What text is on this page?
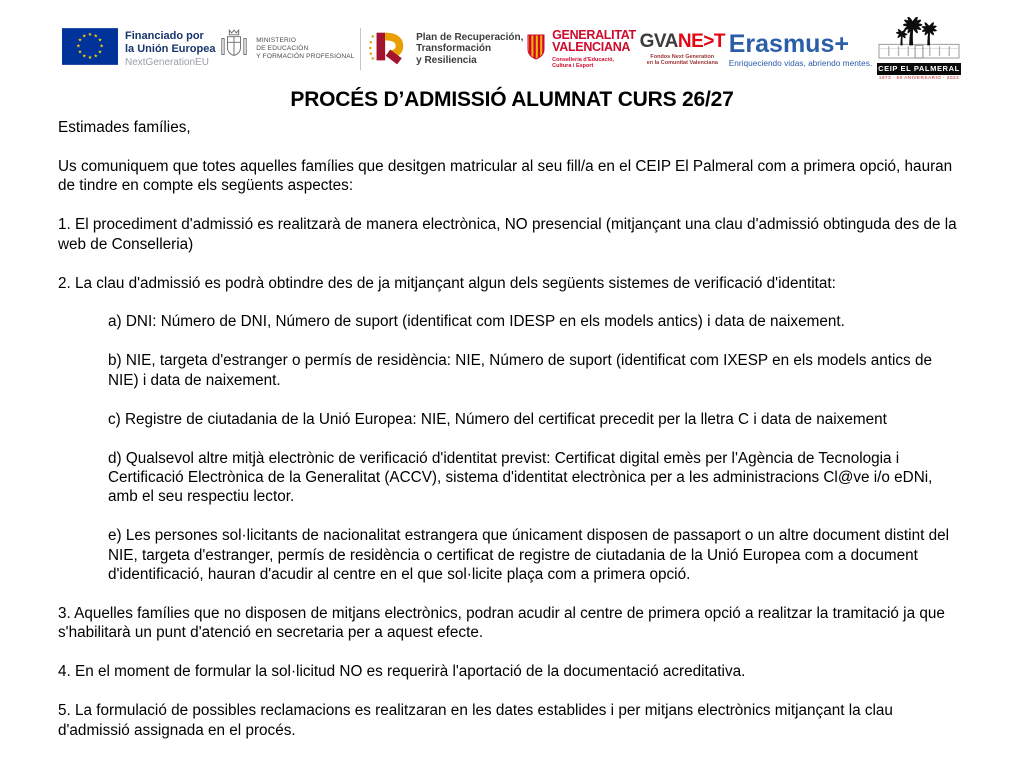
★ ★
★
★
★
★
★
★
★
★
★
★	Financiado por
la Unión Europea
NextGenerationEU
MINISTERIO
DE EDUCACIÓN
Y FORMACIÓN PROFESIONAL
Plan de Recuperación,
Transformación
y Resiliencia
GENERALITAT
VALENCIANA
Conselleria d'Educació,
Cultura i Esport
GVANE>T
Fondos Next Generation
en la Comunitat Valenciana
Erasmus+
Enriqueciendo vidas, abriendo mentes.
CEIP EL PALMERAL
1973 · 50 ANIVERSARIO · 2023
PROCÉS D’ADMISSIÓ ALUMNAT CURS 26/27

Estimades famílies,

Us comuniquem que totes aquelles famílies que desitgen matricular al seu fill/a en el CEIP El Palmeral com a primera opció, hauran de tindre en compte els següents aspectes:

1. El procediment d'admissió es realitzarà de manera electrònica, NO presencial (mitjançant una clau d'admissió obtinguda des de la web de Conselleria)

2. La clau d'admissió es podrà obtindre des de ja mitjançant algun dels següents sistemes de verificació d'identitat:

a) DNI: Número de DNI, Número de suport (identificat com IDESP en els models antics) i data de naixement.

b) NIE, targeta d'estranger o permís de residència: NIE, Número de suport (identificat com IXESP en els models antics de NIE) i data de naixement.

c) Registre de ciutadania de la Unió Europea: NIE, Número del certificat precedit per la lletra C i data de naixement

d) Qualsevol altre mitjà electrònic de verificació d'identitat previst: Certificat digital emès per l'Agència de Tecnologia i Certificació Electrònica de la Generalitat (ACCV), sistema d'identitat electrònica per a les administracions Cl@ve i/o eDNi, amb el seu respectiu lector.

e) Les persones sol·licitants de nacionalitat estrangera que únicament disposen de passaport o un altre document distint del NIE, targeta d'estranger, permís de residència o certificat de registre de ciutadania de la Unió Europea com a document d'identificació, hauran d'acudir al centre en el que sol·licite plaça com a primera opció.

3. Aquelles famílies que no disposen de mitjans electrònics, podran acudir al centre de primera opció a realitzar la tramitació ja que s'habilitarà un punt d'atenció en secretaria per a aquest efecte.

4. En el moment de formular la sol·licitud NO es requerirà l'aportació de la documentació acreditativa.

5. La formulació de possibles reclamacions es realitzaran en les dates establides i per mitjans electrònics mitjançant la clau d'admissió assignada en el procés.
